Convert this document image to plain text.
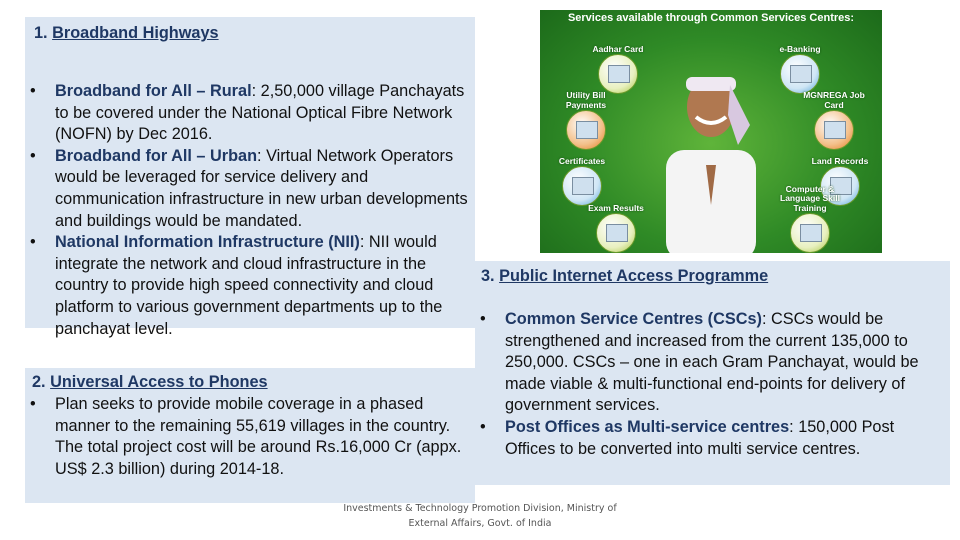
1. Broadband Highways
• Broadband for All – Rural: 2,50,000 village Panchayats to be covered under the National Optical Fibre Network (NOFN) by Dec 2016.
• Broadband for All – Urban: Virtual Network Operators would be leveraged for service delivery and communication infrastructure in new urban developments and buildings would be mandated.
• National Information Infrastructure (NII): NII would integrate the network and cloud infrastructure in the country to provide high speed connectivity and cloud platform to various government departments up to the panchayat level.
2. Universal Access to Phones
• Plan seeks to provide mobile coverage in a phased manner to the remaining 55,619 villages in the country. The total project cost will be around Rs.16,000 Cr (appx. US$ 2.3 billion) during 2014-18.
3. Public Internet Access Programme
• Common Service Centres (CSCs): CSCs would be strengthened and increased from the current 135,000 to 250,000. CSCs – one in each Gram Panchayat, would be made viable & multi-functional end-points for delivery of government services.
• Post Offices as Multi-service centres: 150,000 Post Offices to be converted into multi service centres.
Services available through Common Services Centres:
Aadhar Card	e-Banking
Utility Bill Payments
MGNREGA Job Card
Certificates	Land Records
Exam Results
Computer & Language Skill Training
Investments & Technology Promotion Division, Ministry of
External Affairs, Govt. of India
